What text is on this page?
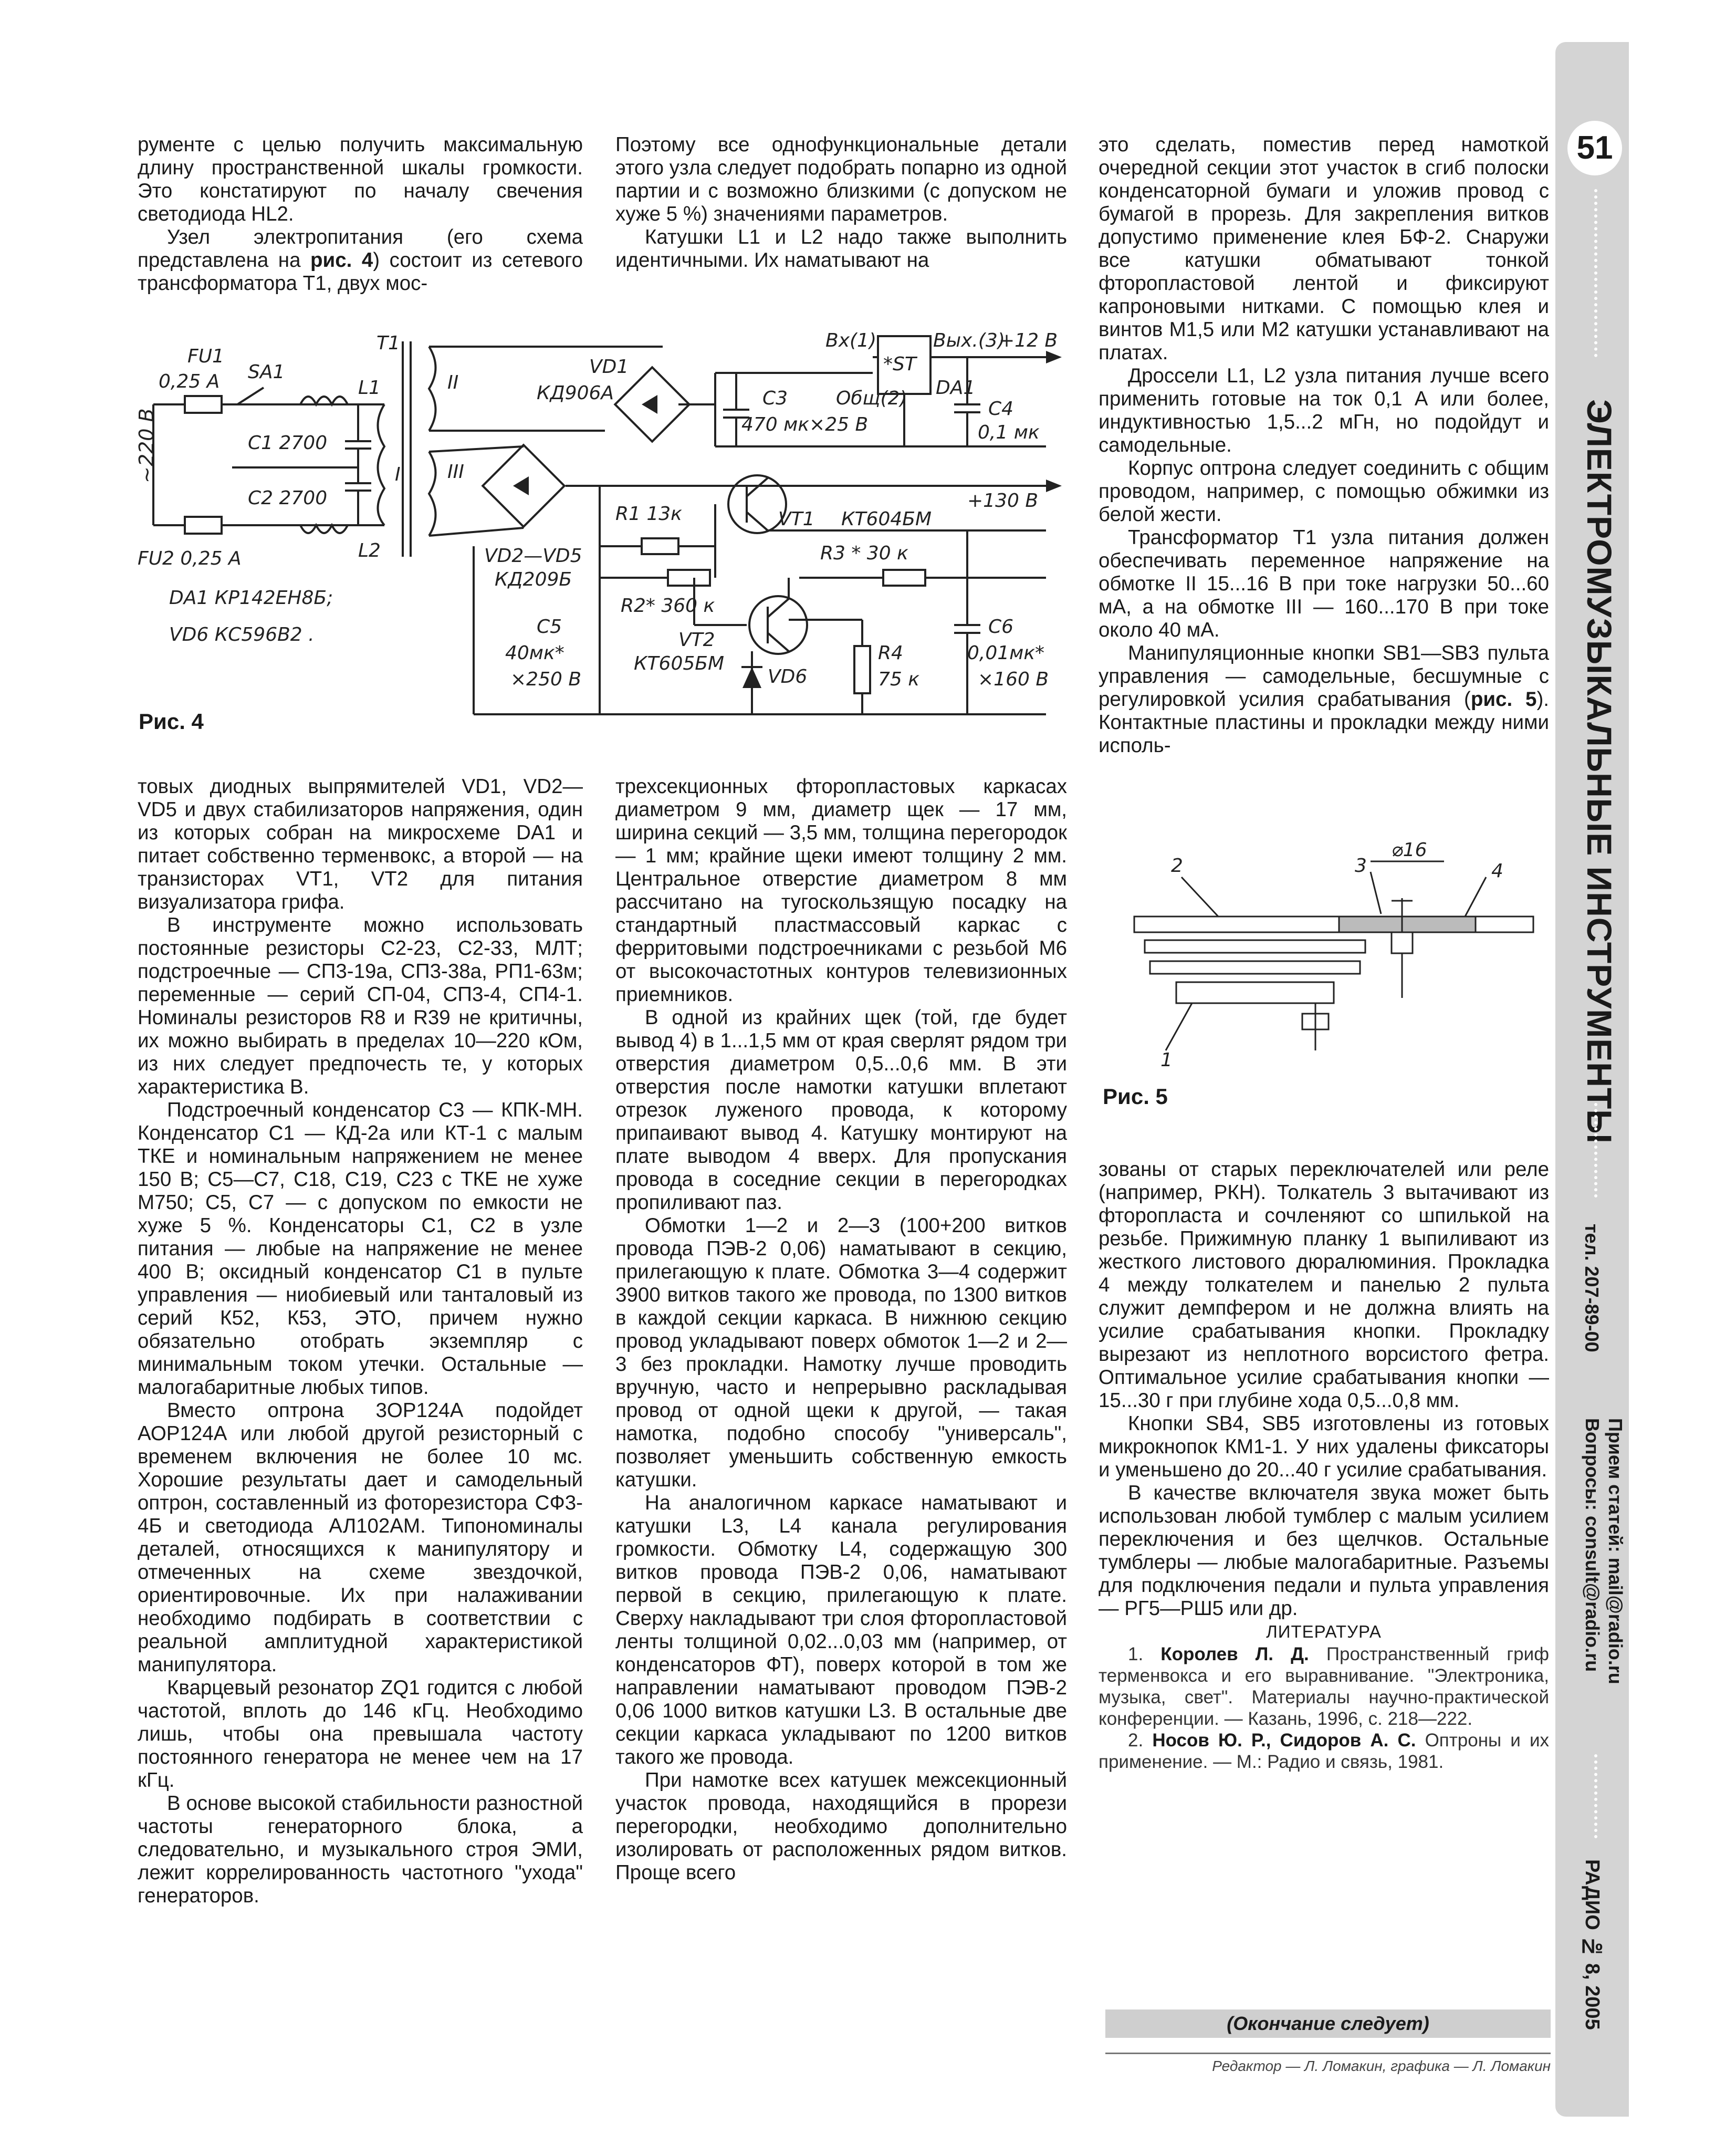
рументе с целью получить максимальную длину пространственной шкалы громкости. Это констатируют по началу свечения светодиода HL2.

Узел электропитания (его схема представлена на рис. 4) состоит из сетевого трансформатора Т1, двух мос-

Поэтому все однофункциональные детали этого узла следует подобрать попарно из одной партии и с возможно близкими (с допуском не хуже 5 %) значениями параметров.

Катушки L1 и L2 надо также выполнить идентичными. Их наматывают на

это сделать, поместив перед намоткой очередной секции этот участок в сгиб полоски конденсаторной бумаги и уложив провод с бумагой в прорезь. Для закрепления витков допустимо применение клея БФ-2. Снаружи все катушки обматывают тонкой фторопластовой лентой и фиксируют капроновыми нитками. С помощью клея и винтов М1,5 или М2 катушки устанавливают на платах.

Дроссели L1, L2 узла питания лучше всего применить готовые на ток 0,1 А или более, индуктивностью 1,5...2 мГн, но подойдут и самодельные.

Корпус оптрона следует соединить с общим проводом, например, с помощью обжимки из белой жести.

Трансформатор Т1 узла питания должен обеспечивать переменное напряжение на обмотке II 15...16 В при токе нагрузки 50...60 мА, а на обмотке III — 160...170 В при токе около 40 мА.

Манипуляционные кнопки SB1—SB3 пульта управления — самодельные, бесшумные с регулировкой усилия срабатывания (рис. 5). Контактные пластины и прокладки между ними исполь-

FU1
0,25 А SA1
T1
L1
L2
C1 2700
C2 2700
I
II
III
FU2 0,25 А
DA1 КР142ЕН8Б;
VD6 КС596В2 .
VD1
КД906А	C3
470 мк×25 В
Вх(1)
*ST
Вых.(3)
+12 В
Общ(2) DA1
C4
0,1 мк
R1 13к	VT1 КТ604БМ
+130 В
VD2—VD5
КД209Б
R2* 360 к
R3 * 30 к
VT2
КТ605БМ
C5
40мк*
×250 В	VD6
R4
75 к
C6
0,01мк*
×160 В
~220 В
Рис. 4
1
2	3	4
⌀16
Рис. 5

товых диодных выпрямителей VD1, VD2— VD5 и двух стабилизаторов напряжения, один из которых собран на микросхеме DA1 и питает собственно терменвокс, а второй — на транзисторах VT1, VT2 для питания визуализатора грифа.

В инструменте можно использовать постоянные резисторы С2-23, С2-33, МЛТ; подстроечные — СП3-19а, СП3-38а, РП1-63м; переменные — серий СП-04, СП3-4, СП4-1. Номиналы резисторов R8 и R39 не критичны, их можно выбирать в пределах 10—220 кОм, из них следует предпочесть те, у которых характеристика В.

Подстроечный конденсатор С3 — КПК-МН. Конденсатор С1 — КД-2а или КТ-1 с малым ТКЕ и номинальным напряжением не менее 150 В; С5—С7, С18, С19, С23 с ТКЕ не хуже М750; С5, С7 — с допуском по емкости не хуже 5 %. Конденсаторы С1, С2 в узле питания — любые на напряжение не менее 400 В; оксидный конденсатор С1 в пульте управления — ниобиевый или танталовый из серий К52, К53, ЭТО, причем нужно обязательно отобрать экземпляр с минимальным током утечки. Остальные — малогабаритные любых типов.

Вместо оптрона 3ОР124А подойдет АОР124А или любой другой резисторный с временем включения не более 10 мс. Хорошие результаты дает и самодельный оптрон, составленный из фоторезистора СФ3-4Б и светодиода АЛ102АМ. Типономиналы деталей, относящихся к манипулятору и отмеченных на схеме звездочкой, ориентировочные. Их при налаживании необходимо подбирать в соответствии с реальной амплитудной характеристикой манипулятора.

Кварцевый резонатор ZQ1 годится с любой частотой, вплоть до 146 кГц. Необходимо лишь, чтобы она превышала частоту постоянного генератора не менее чем на 17 кГц.

В основе высокой стабильности разностной частоты генераторного блока, а следовательно, и музыкального строя ЭМИ, лежит коррелированность частотного "ухода" генераторов.

трехсекционных фторопластовых каркасах диаметром 9 мм, диаметр щек — 17 мм, ширина секций — 3,5 мм, толщина перегородок — 1 мм; крайние щеки имеют толщину 2 мм. Центральное отверстие диаметром 8 мм рассчитано на тугоскользящую посадку на стандартный пластмассовый каркас с ферритовыми подстроечниками с резьбой М6 от высокочастотных контуров телевизионных приемников.

В одной из крайних щек (той, где будет вывод 4) в 1...1,5 мм от края сверлят рядом три отверстия диаметром 0,5...0,6 мм. В эти отверстия после намотки катушки вплетают отрезок луженого провода, к которому припаивают вывод 4. Катушку монтируют на плате выводом 4 вверх. Для пропускания провода в соседние секции в перегородках пропиливают паз.

Обмотки 1—2 и 2—3 (100+200 витков провода ПЭВ-2 0,06) наматывают в секцию, прилегающую к плате. Обмотка 3—4 содержит 3900 витков такого же провода, по 1300 витков в каждой секции каркаса. В нижнюю секцию провод укладывают поверх обмоток 1—2 и 2—3 без прокладки. Намотку лучше проводить вручную, часто и непрерывно раскладывая провод от одной щеки к другой, — такая намотка, подобно способу "универсаль", позволяет уменьшить собственную емкость катушки.

На аналогичном каркасе наматывают и катушки L3, L4 канала регулирования громкости. Обмотку L4, содержащую 300 витков провода ПЭВ-2 0,06, наматывают первой в секцию, прилегающую к плате. Сверху накладывают три слоя фторопластовой ленты толщиной 0,02...0,03 мм (например, от конденсаторов ФТ), поверх которой в том же направлении наматывают проводом ПЭВ-2 0,06 1000 витков катушки L3. В остальные две секции каркаса укладывают по 1200 витков такого же провода.

При намотке всех катушек межсекционный участок провода, находящийся в прорези перегородки, необходимо дополнительно изолировать от расположенных рядом витков. Проще всего

зованы от старых переключателей или реле (например, РКН). Толкатель 3 вытачивают из фторопласта и сочленяют со шпилькой на резьбе. Прижимную планку 1 выпиливают из жесткого листового дюралюминия. Прокладка 4 между толкателем и панелью 2 пульта служит демпфером и не должна влиять на усилие срабатывания кнопки. Прокладку вырезают из неплотного ворсистого фетра. Оптимальное усилие срабатывания кнопки — 15...30 г при глубине хода 0,5...0,8 мм.

Кнопки SB4, SB5 изготовлены из готовых микрокнопок КМ1-1. У них удалены фиксаторы и уменьшено до 20...40 г усилие срабатывания.

В качестве включателя звука может быть использован любой тумблер с малым усилием переключения и без щелчков. Остальные тумблеры — любые малогабаритные. Разъемы для подключения педали и пульта управления — РГ5—РШ5 или др.

ЛИТЕРАТУРА

1. Королев Л. Д. Пространственный гриф терменвокса и его выравнивание. "Электроника, музыка, свет". Материалы научно-практической конференции. — Казань, 1996, с. 218—222.

2. Носов Ю. Р., Сидоров А. С. Оптроны и их применение. — М.: Радио и связь, 1981.

(Окончание следует)
Редактор — Л. Ломакин, графика — Л. Ломакин
51
ЭЛЕКТРОМУЗЫКАЛЬНЫЕ ИНСТРУМЕНТЫ
тел. 207-89-00
Прием статей: mail@radio.ru
Вопросы: consult@radio.ru
РАДИО № 8, 2005
